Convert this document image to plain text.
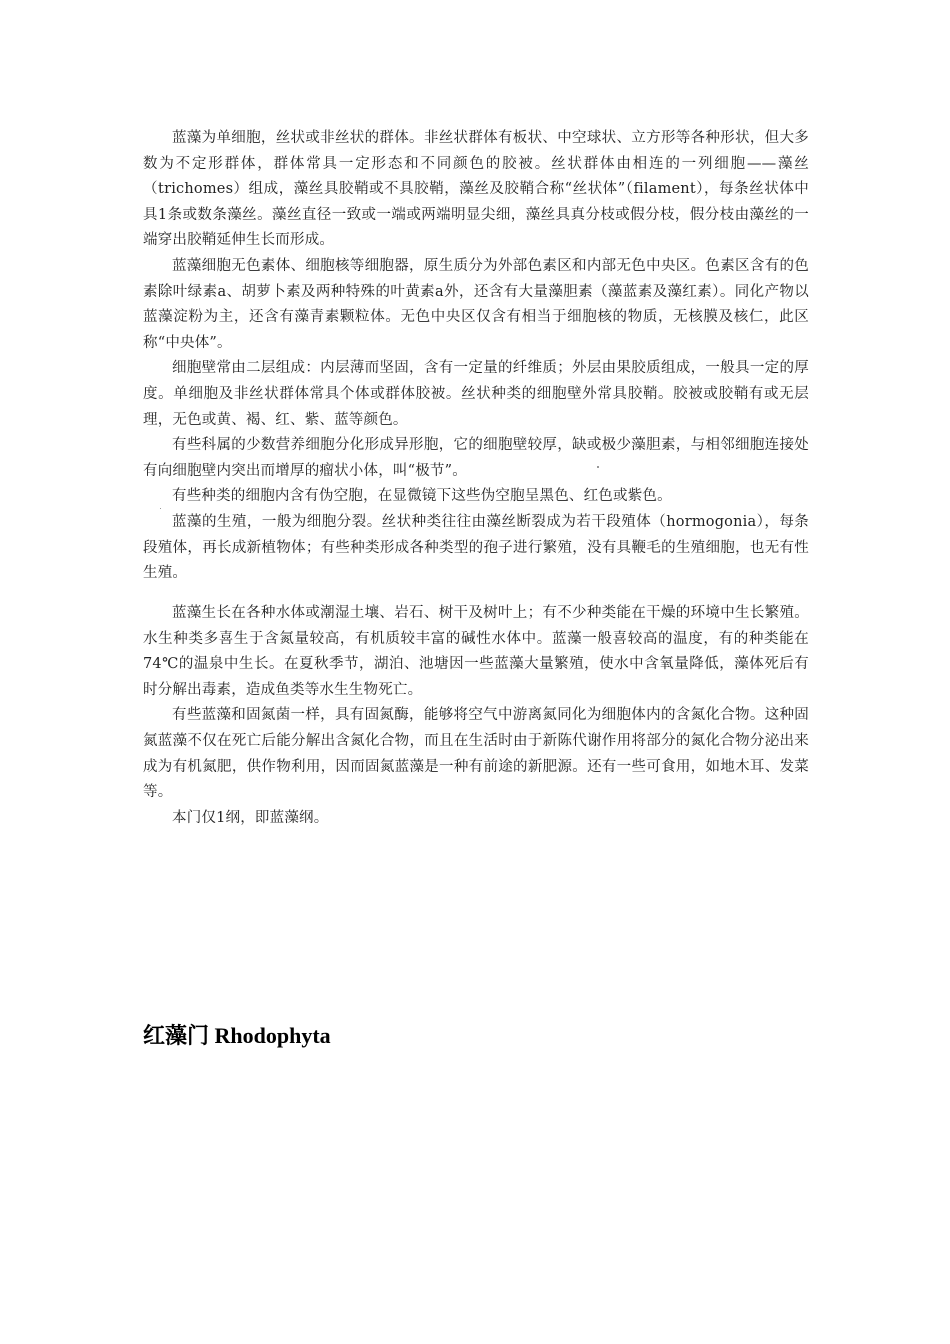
蓝藻为单细胞，丝状或非丝状的群体。非丝状群体有板状、中空球状、立方形等各种形状，但大多数为不定形群体，群体常具一定形态和不同颜色的胶被。丝状群体由相连的一列细胞——藻丝（trichomes）组成，藻丝具胶鞘或不具胶鞘，藻丝及胶鞘合称“丝状体”（filament），每条丝状体中具1条或数条藻丝。藻丝直径一致或一端或两端明显尖细，藻丝具真分枝或假分枝，假分枝由藻丝的一端穿出胶鞘延伸生长而形成。

蓝藻细胞无色素体、细胞核等细胞器，原生质分为外部色素区和内部无色中央区。色素区含有的色素除叶绿素a、胡萝卜素及两种特殊的叶黄素a外，还含有大量藻胆素（藻蓝素及藻红素）。同化产物以蓝藻淀粉为主，还含有藻青素颗粒体。无色中央区仅含有相当于细胞核的物质，无核膜及核仁，此区称“中央体”。

细胞壁常由二层组成：内层薄而坚固，含有一定量的纤维质；外层由果胶质组成，一般具一定的厚度。单细胞及非丝状群体常具个体或群体胶被。丝状种类的细胞壁外常具胶鞘。胶被或胶鞘有或无层理，无色或黄、褐、红、紫、蓝等颜色。

有些科属的少数营养细胞分化形成异形胞，它的细胞壁较厚，缺或极少藻胆素，与相邻细胞连接处有向细胞壁内突出而增厚的瘤状小体，叫“极节”。

有些种类的细胞内含有伪空胞，在显微镜下这些伪空胞呈黑色、红色或紫色。

蓝藻的生殖，一般为细胞分裂。丝状种类往往由藻丝断裂成为若干段殖体（hormogonia），每条段殖体，再长成新植物体；有些种类形成各种类型的孢子进行繁殖，没有具鞭毛的生殖细胞，也无有性生殖。

蓝藻生长在各种水体或潮湿土壤、岩石、树干及树叶上；有不少种类能在干燥的环境中生长繁殖。水生种类多喜生于含氮量较高，有机质较丰富的碱性水体中。蓝藻一般喜较高的温度，有的种类能在74℃的温泉中生长。在夏秋季节，湖泊、池塘因一些蓝藻大量繁殖，使水中含氧量降低，藻体死后有时分解出毒素，造成鱼类等水生生物死亡。

有些蓝藻和固氮菌一样，具有固氮酶，能够将空气中游离氮同化为细胞体内的含氮化合物。这种固氮蓝藻不仅在死亡后能分解出含氮化合物，而且在生活时由于新陈代谢作用将部分的氮化合物分泌出来成为有机氮肥，供作物利用，因而固氮蓝藻是一种有前途的新肥源。还有一些可食用，如地木耳、发菜等。

本门仅1纲，即蓝藻纲。

红藻门 Rhodophyta
